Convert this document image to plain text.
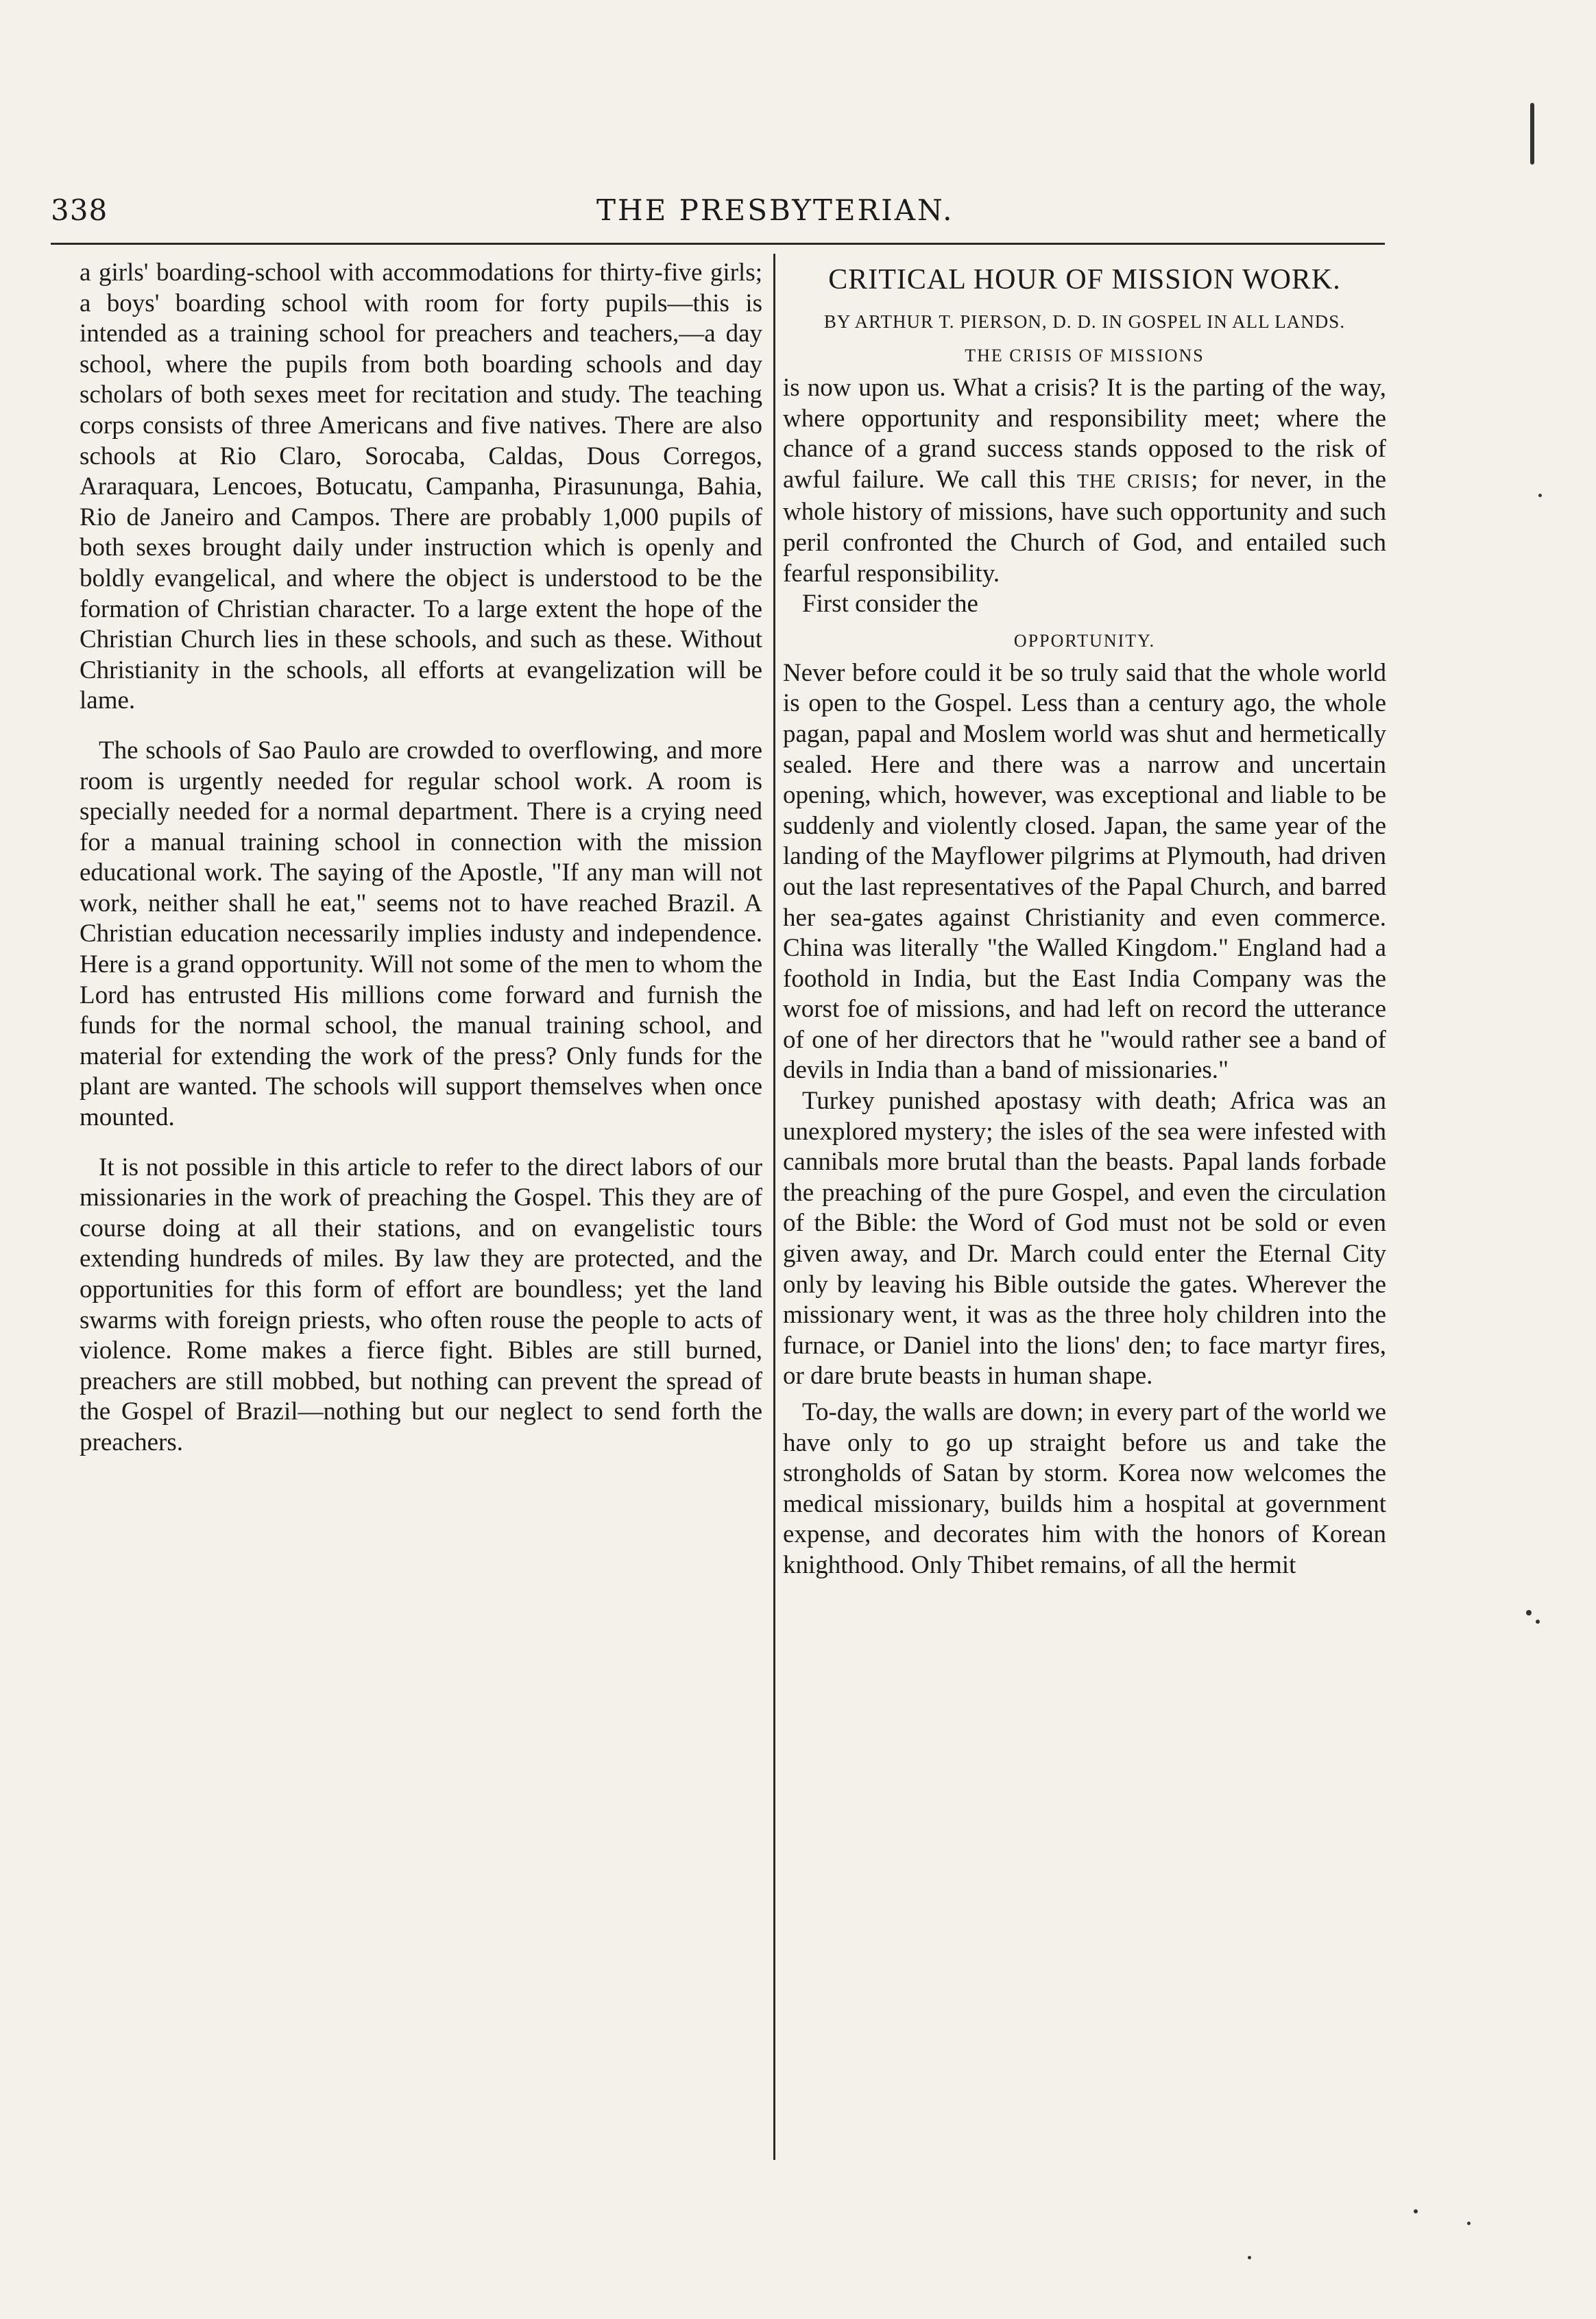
338	THE PRESBYTERIAN.

a girls' boarding-school with accommodations for thirty-five girls; a boys' boarding school with room for forty pupils—this is intended as a training school for preachers and teachers,—a day school, where the pupils from both boarding schools and day scholars of both sexes meet for recitation and study. The teaching corps consists of three Americans and five natives. There are also schools at Rio Claro, Sorocaba, Caldas, Dous Corregos, Araraquara, Lencoes, Botucatu, Campanha, Pirasununga, Bahia, Rio de Janeiro and Campos. There are probably 1,000 pupils of both sexes brought daily under instruction which is openly and boldly evangelical, and where the object is understood to be the formation of Christian character. To a large extent the hope of the Christian Church lies in these schools, and such as these. Without Christianity in the schools, all efforts at evangelization will be lame.

The schools of Sao Paulo are crowded to overflowing, and more room is urgently needed for regular school work. A room is specially needed for a normal department. There is a crying need for a manual training school in connection with the mission educational work. The saying of the Apostle, "If any man will not work, neither shall he eat," seems not to have reached Brazil. A Christian education necessarily implies industy and independence. Here is a grand opportunity. Will not some of the men to whom the Lord has entrusted His millions come forward and furnish the funds for the normal school, the manual training school, and material for extending the work of the press? Only funds for the plant are wanted. The schools will support themselves when once mounted.

It is not possible in this article to refer to the direct labors of our missionaries in the work of preaching the Gospel. This they are of course doing at all their stations, and on evangelistic tours extending hundreds of miles. By law they are protected, and the opportunities for this form of effort are boundless; yet the land swarms with foreign priests, who often rouse the people to acts of violence. Rome makes a fierce fight. Bibles are still burned, preachers are still mobbed, but nothing can prevent the spread of the Gospel of Brazil—nothing but our neglect to send forth the preachers.

CRITICAL HOUR OF MISSION WORK.
BY ARTHUR T. PIERSON, D. D. IN GOSPEL IN ALL LANDS.
THE CRISIS OF MISSIONS

is now upon us. What a crisis? It is the parting of the way, where opportunity and responsibility meet; where the chance of a grand success stands opposed to the risk of awful failure. We call this THE CRISIS; for never, in the whole history of missions, have such opportunity and such peril confronted the Church of God, and entailed such fearful responsibility.

First consider the

OPPORTUNITY.

Never before could it be so truly said that the whole world is open to the Gospel. Less than a century ago, the whole pagan, papal and Moslem world was shut and hermetically sealed. Here and there was a narrow and uncertain opening, which, however, was exceptional and liable to be suddenly and violently closed. Japan, the same year of the landing of the Mayflower pilgrims at Plymouth, had driven out the last representatives of the Papal Church, and barred her sea-gates against Christianity and even commerce. China was literally "the Walled Kingdom." England had a foothold in India, but the East India Company was the worst foe of missions, and had left on record the utterance of one of her directors that he "would rather see a band of devils in India than a band of missionaries."

Turkey punished apostasy with death; Africa was an unexplored mystery; the isles of the sea were infested with cannibals more brutal than the beasts. Papal lands forbade the preaching of the pure Gospel, and even the circulation of the Bible: the Word of God must not be sold or even given away, and Dr. March could enter the Eternal City only by leaving his Bible outside the gates. Wherever the missionary went, it was as the three holy children into the furnace, or Daniel into the lions' den; to face martyr fires, or dare brute beasts in human shape.

To-day, the walls are down; in every part of the world we have only to go up straight before us and take the strongholds of Satan by storm. Korea now welcomes the medical missionary, builds him a hospital at government expense, and decorates him with the honors of Korean knighthood. Only Thibet remains, of all the hermit
